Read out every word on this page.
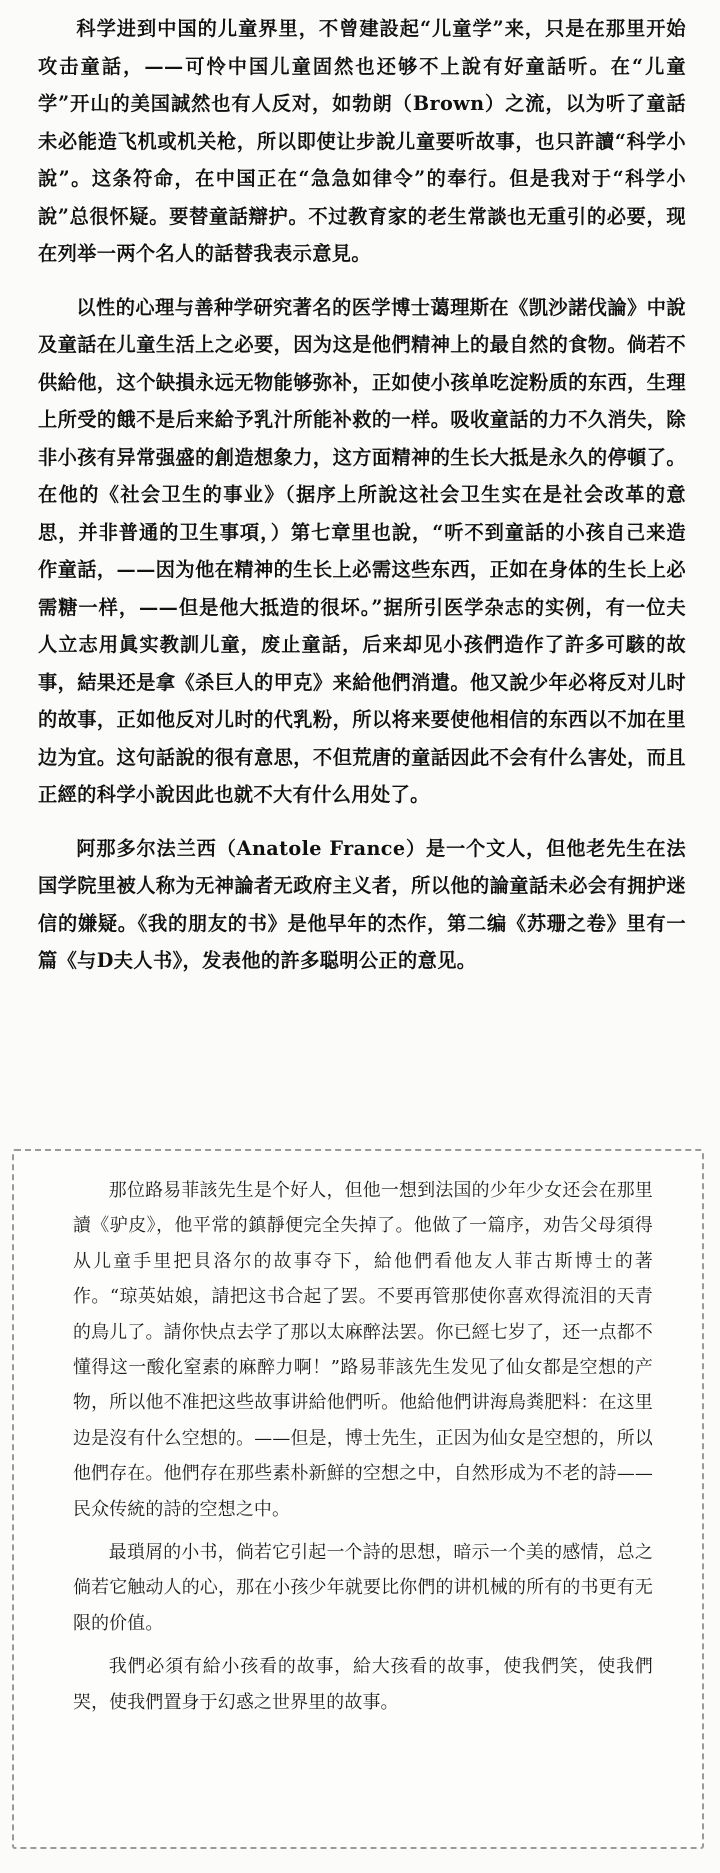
科学进到中国的儿童界里，不曾建設起“儿童学”来，只是在那里开始攻击童話，——可怜中国儿童固然也还够不上說有好童話听。在“儿童学”开山的美国誠然也有人反对，如勃朗（Brown）之流，以为听了童話未必能造飞机或机关枪，所以即使让步說儿童要听故事，也只許讀“科学小說”。这条符命，在中国正在“急急如律令”的奉行。但是我对于“科学小說”总很怀疑。要替童話辯护。不过教育家的老生常談也无重引的必要，现在列举一两个名人的話替我表示意見。

以性的心理与善种学研究著名的医学博士蔼理斯在《凯沙諾伐論》中說及童話在儿童生活上之必要，因为这是他們精神上的最自然的食物。倘若不供給他，这个缺損永远无物能够弥补，正如使小孩单吃淀粉质的东西，生理上所受的餓不是后来給予乳汁所能补救的一样。吸收童話的力不久消失，除非小孩有异常强盛的創造想象力，这方面精神的生长大抵是永久的停頓了。在他的《社会卫生的事业》（据序上所說这社会卫生实在是社会改革的意思，并非普通的卫生事項，）第七章里也說，“听不到童話的小孩自己来造作童話，——因为他在精神的生长上必需这些东西，正如在身体的生长上必需糖一样，——但是他大抵造的很坏。”据所引医学杂志的实例，有一位夫人立志用眞实教訓儿童，废止童話，后来却见小孩們造作了許多可駭的故事，結果还是拿《杀巨人的甲克》来給他們消遣。他又說少年必将反对儿时的故事，正如他反对儿时的代乳粉，所以将来要使他相信的东西以不加在里边为宜。这句話說的很有意思，不但荒唐的童話因此不会有什么害处，而且正經的科学小說因此也就不大有什么用处了。

阿那多尔法兰西（Anatole France）是一个文人，但他老先生在法国学院里被人称为无神論者无政府主义者，所以他的論童話未必会有拥护迷信的嫌疑。《我的朋友的书》是他早年的杰作，第二编《苏珊之卷》里有一篇《与D夫人书》，发表他的許多聪明公正的意见。

那位路易菲該先生是个好人，但他一想到法国的少年少女还会在那里讀《驴皮》，他平常的鎮靜便完全失掉了。他做了一篇序，劝告父母須得从儿童手里把貝洛尔的故事夺下，給他們看他友人菲古斯博士的著作。“琼英姑娘，請把这书合起了罢。不要再管那使你喜欢得流泪的天青的鳥儿了。請你快点去学了那以太麻醉法罢。你已經七岁了，还一点都不懂得这一酸化窒素的麻醉力啊！”路易菲該先生发见了仙女都是空想的产物，所以他不准把这些故事讲給他們听。他給他們讲海鳥粪肥料：在这里边是沒有什么空想的。——但是，博士先生，正因为仙女是空想的，所以他們存在。他們存在那些素朴新鮮的空想之中，自然形成为不老的詩——民众传統的詩的空想之中。

最瑣屑的小书，倘若它引起一个詩的思想，暗示一个美的感情，总之倘若它触动人的心，那在小孩少年就要比你們的讲机械的所有的书更有无限的价值。

我們必須有給小孩看的故事，給大孩看的故事，使我們笑，使我們哭，使我們置身于幻惑之世界里的故事。
